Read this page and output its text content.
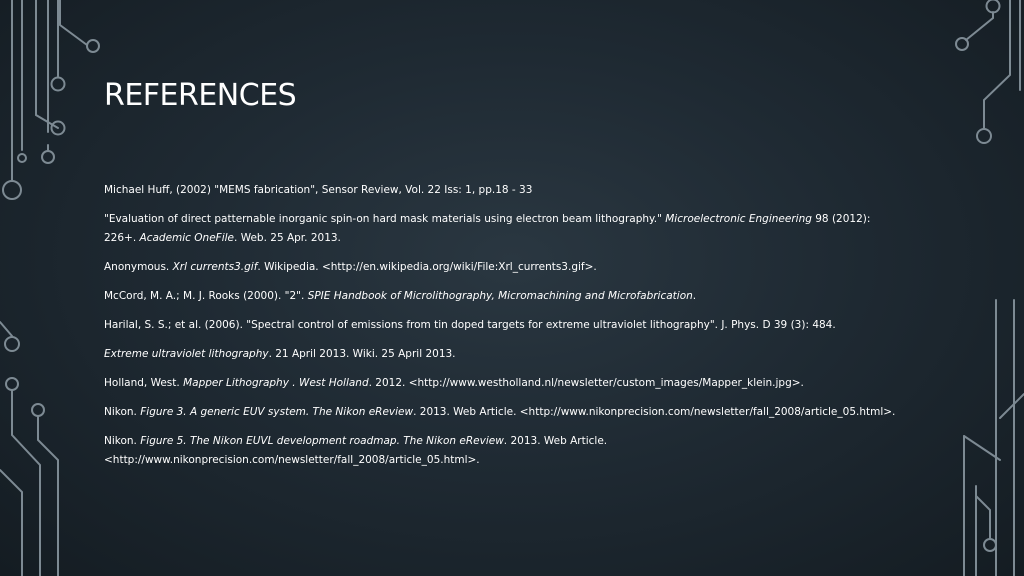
REFERENCES

Michael Huff, (2002) "MEMS fabrication", Sensor Review, Vol. 22 Iss: 1, pp.18 - 33

"Evaluation of direct patternable inorganic spin-on hard mask materials using electron beam lithography." Microelectronic Engineering 98 (2012): 226+. Academic OneFile. Web. 25 Apr. 2013.

Anonymous. Xrl currents3.gif. Wikipedia. <http://en.wikipedia.org/wiki/File:Xrl_currents3.gif>.

McCord, M. A.; M. J. Rooks (2000). "2". SPIE Handbook of Microlithography, Micromachining and Microfabrication.

Harilal, S. S.; et al. (2006). "Spectral control of emissions from tin doped targets for extreme ultraviolet lithography". J. Phys. D 39 (3): 484.

Extreme ultraviolet lithography. 21 April 2013. Wiki. 25 April 2013.

Holland, West. Mapper Lithography . West Holland. 2012. <http://www.westholland.nl/newsletter/custom_images/Mapper_klein.jpg>.

Nikon. Figure 3. A generic EUV system. The Nikon eReview. 2013. Web Article. <http://www.nikonprecision.com/newsletter/fall_2008/article_05.html>.

Nikon. Figure 5. The Nikon EUVL development roadmap. The Nikon eReview. 2013. Web Article. <http://www.nikonprecision.com/newsletter/fall_2008/article_05.html>.
